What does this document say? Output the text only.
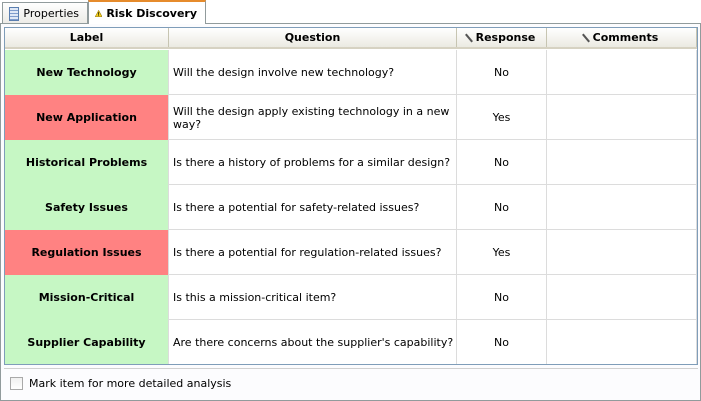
Properties Risk Discovery
Label	Question	Response	Comments
New Technology	Will the design involve new technology?	No
New Application	Will the design apply existing technology in a new way?	Yes
Historical Problems	Is there a history of problems for a similar design?	No
Safety Issues	Is there a potential for safety-related issues?	No
Regulation Issues	Is there a potential for regulation-related issues?	Yes
Mission-Critical	Is this a mission-critical item?	No
Supplier Capability	Are there concerns about the supplier's capability?	No
Mark item for more detailed analysis
